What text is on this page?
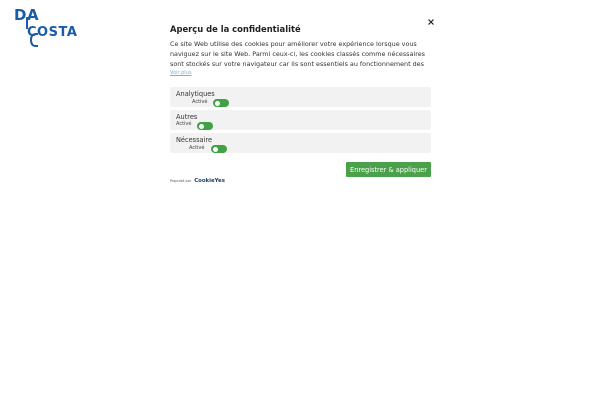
DA
COSTA	Aperçu de la confidentialité

Ce site Web utilise des cookies pour améliorer votre expérience lorsque vous naviguez sur le site Web. Parmi ceux-ci, les cookies classés comme nécessaires sont stockés sur votre navigateur car ils sont essentiels au fonctionnement des

Voir plus
Analytiques
Activé
Autres
Activé
Nécessaire
Activé
Enregistrer & appliquer
Propulsé par CookieYes
